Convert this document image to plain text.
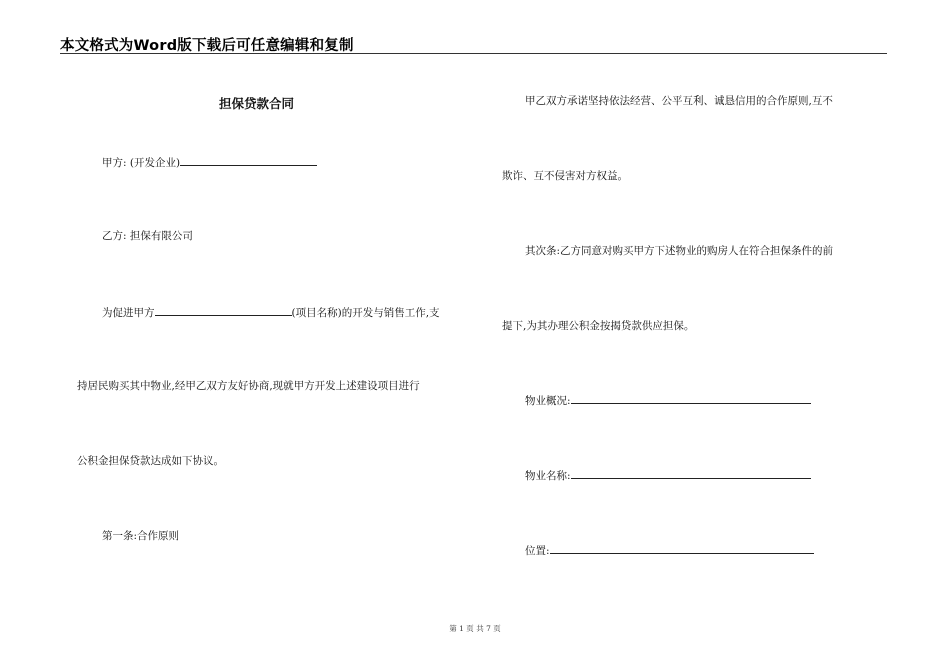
本文格式为Word版下载后可任意编辑和复制
担保贷款合同
甲方: (开发企业)
乙方: 担保有限公司
为促进甲方	(项目名称)的开发与销售工作,支
持居民购买其中物业,经甲乙双方友好协商,现就甲方开发上述建设项目进行
公积金担保贷款达成如下协议。
第一条:合作原则
甲乙双方承诺坚持依法经营、公平互利、诚恳信用的合作原则,互不
欺诈、互不侵害对方权益。
其次条:乙方同意对购买甲方下述物业的购房人在符合担保条件的前
提下,为其办理公积金按揭贷款供应担保。
物业概况:
物业名称:
位置:
第 1 页 共 7 页
